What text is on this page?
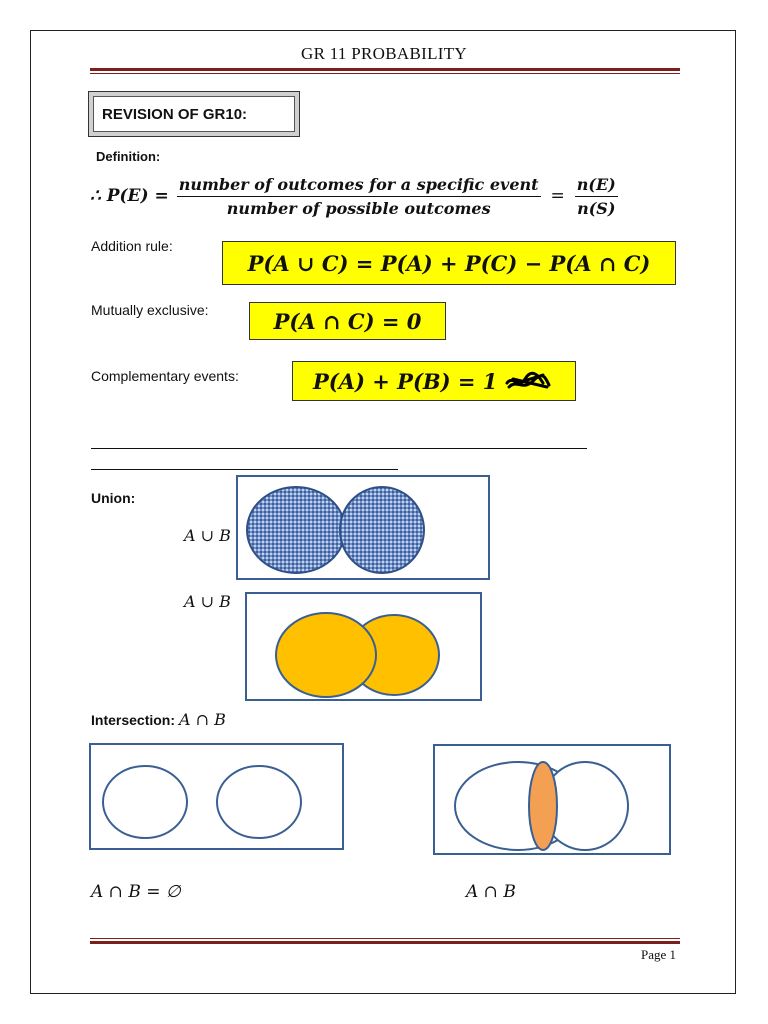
GR 11 PROBABILITY
REVISION OF GR10:
Definition:
∴ $P(E) = \frac{\text{number of outcomes for a specific event}}{\text{number of possible outcomes}} = \frac{n(E)}{n(S)}$
Addition rule:
P(A ∪ C) = P(A) + P(C) − P(A ∩ C)
Mutually exclusive:	P(A ∩ C) = 0
Complementary events:	P(A) + P(B) = 1
Union:
A ∪ B
A ∪ B
Intersection: A ∩ B
A ∩ B = ∅	A ∩ B
Page 1
